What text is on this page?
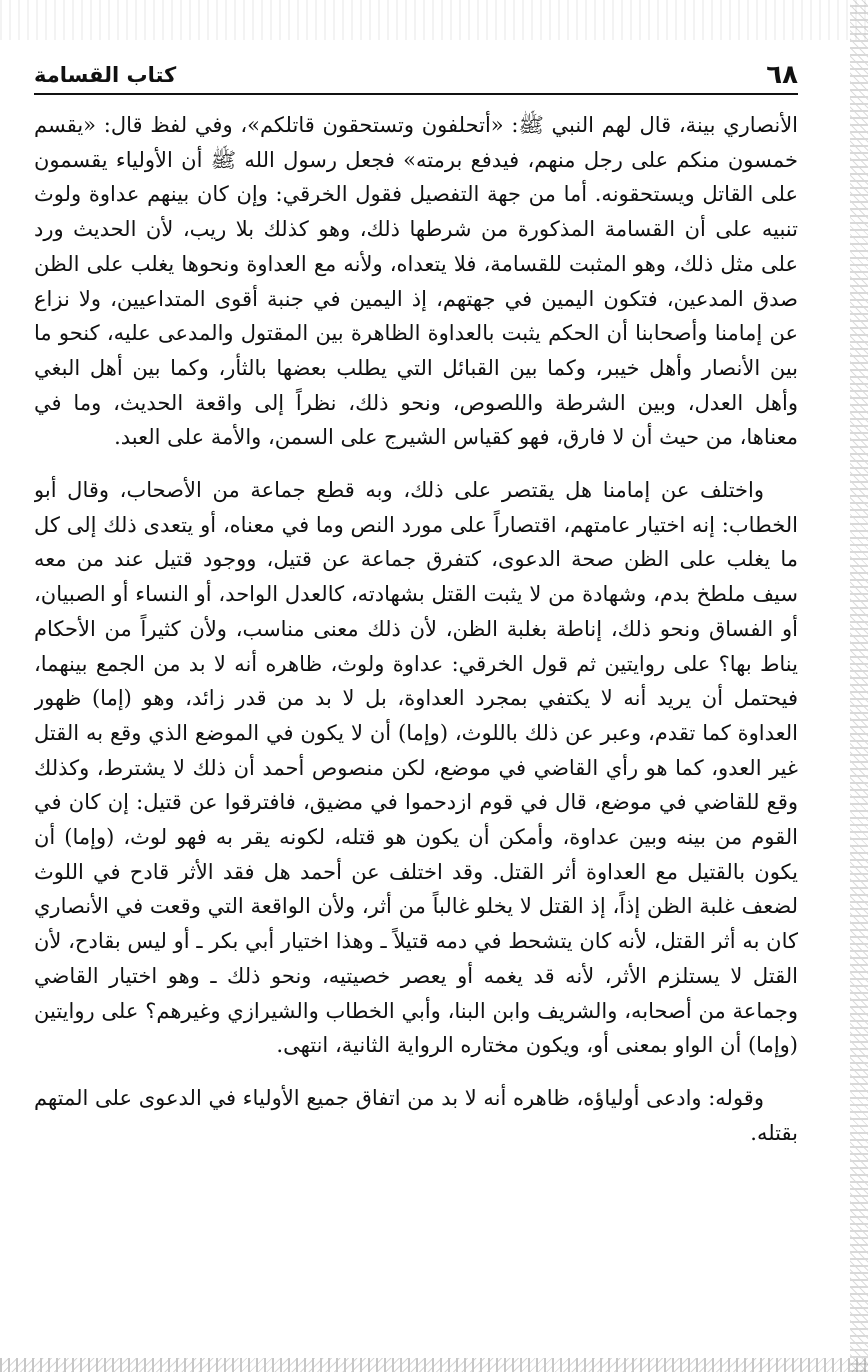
٦٨
كتاب القسامة

الأنصاري بينة، قال لهم النبي ﷺ: «أتحلفون وتستحقون قاتلكم»، وفي لفظ قال: «يقسم خمسون منكم على رجل منهم، فيدفع برمته» فجعل رسول الله ﷺ أن الأولياء يقسمون على القاتل ويستحقونه. أما من جهة التفصيل فقول الخرقي: وإن كان بينهم عداوة ولوث تنبيه على أن القسامة المذكورة من شرطها ذلك، وهو كذلك بلا ريب، لأن الحديث ورد على مثل ذلك، وهو المثبت للقسامة، فلا يتعداه، ولأنه مع العداوة ونحوها يغلب على الظن صدق المدعين، فتكون اليمين في جهتهم، إذ اليمين في جنبة أقوى المتداعيين، ولا نزاع عن إمامنا وأصحابنا أن الحكم يثبت بالعداوة الظاهرة بين المقتول والمدعى عليه، كنحو ما بين الأنصار وأهل خيبر، وكما بين القبائل التي يطلب بعضها بالثأر، وكما بين أهل البغي وأهل العدل، وبين الشرطة واللصوص، ونحو ذلك، نظراً إلى واقعة الحديث، وما في معناها، من حيث أن لا فارق، فهو كقياس الشيرج على السمن، والأمة على العبد.

واختلف عن إمامنا هل يقتصر على ذلك، وبه قطع جماعة من الأصحاب، وقال أبو الخطاب: إنه اختيار عامتهم، اقتصاراً على مورد النص وما في معناه، أو يتعدى ذلك إلى كل ما يغلب على الظن صحة الدعوى، كتفرق جماعة عن قتيل، ووجود قتيل عند من معه سيف ملطخ بدم، وشهادة من لا يثبت القتل بشهادته، كالعدل الواحد، أو النساء أو الصبيان، أو الفساق ونحو ذلك، إناطة بغلبة الظن، لأن ذلك معنى مناسب، ولأن كثيراً من الأحكام يناط بها؟ على روايتين ثم قول الخرقي: عداوة ولوث، ظاهره أنه لا بد من الجمع بينهما، فيحتمل أن يريد أنه لا يكتفي بمجرد العداوة، بل لا بد من قدر زائد، وهو (إما) ظهور العداوة كما تقدم، وعبر عن ذلك باللوث، (وإما) أن لا يكون في الموضع الذي وقع به القتل غير العدو، كما هو رأي القاضي في موضع، لكن منصوص أحمد أن ذلك لا يشترط، وكذلك وقع للقاضي في موضع، قال في قوم ازدحموا في مضيق، فافترقوا عن قتيل: إن كان في القوم من بينه وبين عداوة، وأمكن أن يكون هو قتله، لكونه يقر به فهو لوث، (وإما) أن يكون بالقتيل مع العداوة أثر القتل. وقد اختلف عن أحمد هل فقد الأثر قادح في اللوث لضعف غلبة الظن إذاً، إذ القتل لا يخلو غالباً من أثر، ولأن الواقعة التي وقعت في الأنصاري كان به أثر القتل، لأنه كان يتشحط في دمه قتيلاً ـ وهذا اختيار أبي بكر ـ أو ليس بقادح، لأن القتل لا يستلزم الأثر، لأنه قد يغمه أو يعصر خصيتيه، ونحو ذلك ـ وهو اختيار القاضي وجماعة من أصحابه، والشريف وابن البنا، وأبي الخطاب والشيرازي وغيرهم؟ على روايتين (وإما) أن الواو بمعنى أو، ويكون مختاره الرواية الثانية، انتهى.

وقوله: وادعى أولياؤه، ظاهره أنه لا بد من اتفاق جميع الأولياء في الدعوى على المتهم بقتله.
